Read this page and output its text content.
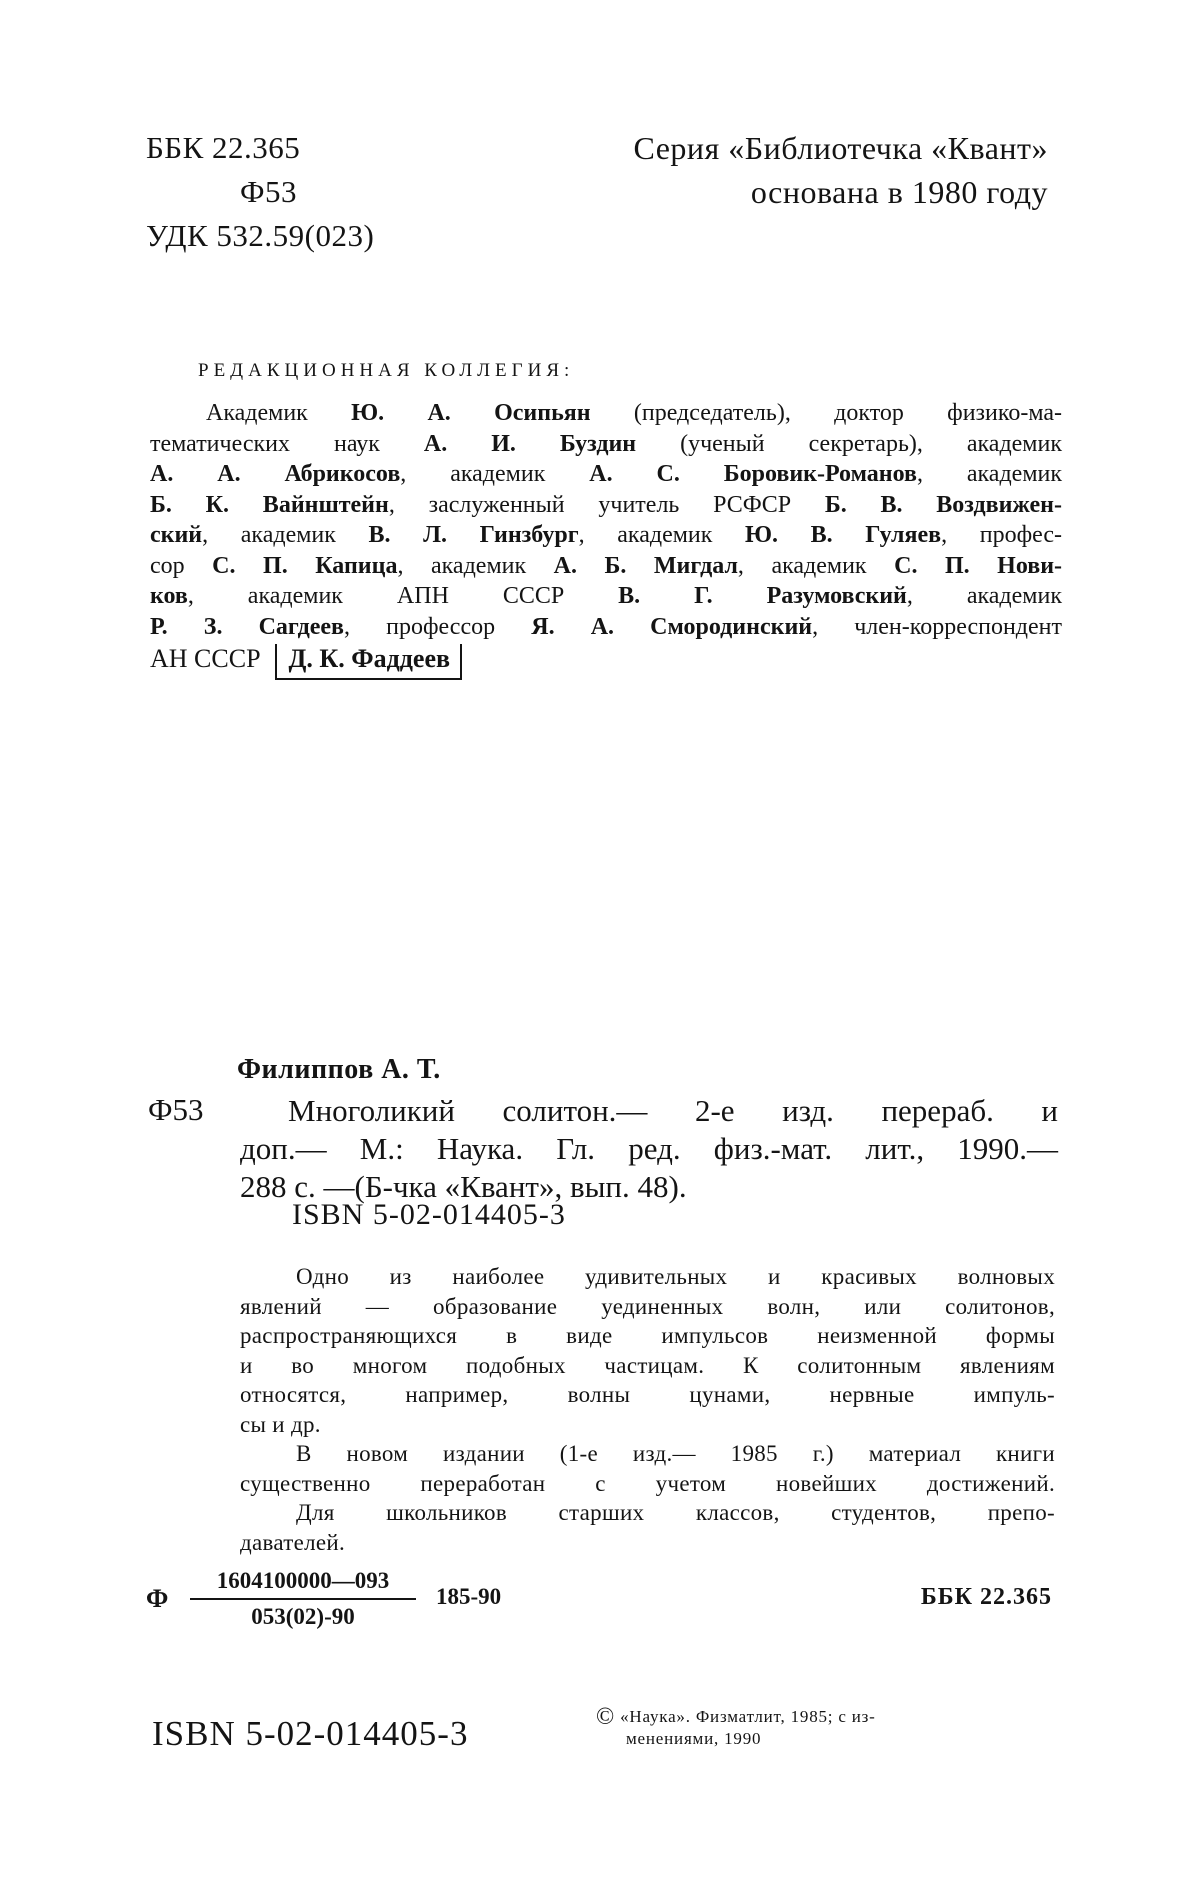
ББК 22.365
Ф53
УДК 532.59(023)
Серия «Библиотечка «Квант»
основана в 1980 году
РЕДАКЦИОННАЯ КОЛЛЕГИЯ:
Академик Ю. А. Осипьян (председатель), доктор физико-ма-
тематических наук А. И. Буздин (ученый секретарь), академик
А. А. Абрикосов, академик А. С. Боровик-Романов, академик
Б. К. Вайнштейн, заслуженный учитель РСФСР Б. В. Воздвижен-
ский, академик В. Л. Гинзбург, академик Ю. В. Гуляев, профес-
сор С. П. Капица, академик А. Б. Мигдал, академик С. П. Нови-
ков, академик АПН СССР В. Г. Разумовский, академик
Р. З. Сагдеев, профессор Я. А. Смородинский, член-корреспондент
АН СССР Д. К. Фаддеев
Филиппов А. Т.
Ф53	Многоликий солитон.— 2-е изд. перераб. и
доп.— М.: Наука. Гл. ред. физ.-мат. лит., 1990.—
288 с. —(Б-чка «Квант», вып. 48).
ISBN 5-02-014405-3
Одно из наиболее удивительных и красивых волновых
явлений — образование уединенных волн, или солитонов,
распространяющихся в виде импульсов неизменной формы
и во многом подобных частицам. К солитонным явлениям
относятся, например, волны цунами, нервные импуль-
сы и др.
В новом издании (1-е изд.— 1985 г.) материал книги
существенно переработан с учетом новейших достижений.
Для школьников старших классов, студентов, препо-
давателей.
Ф
1604100000—093
053(02)-90
185-90	ББК 22.365
ISBN 5-02-014405-3	© «Наука». Физматлит, 1985; с из-
менениями, 1990
